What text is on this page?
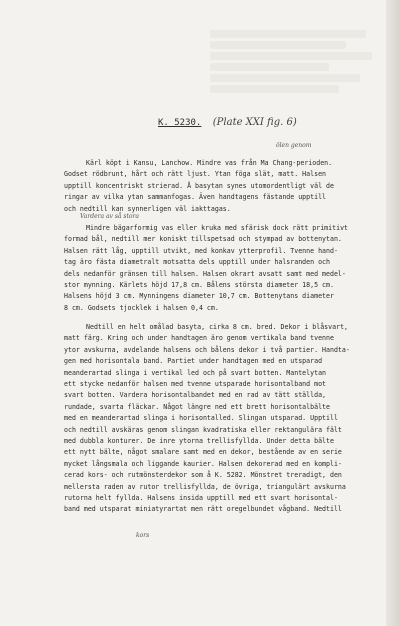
K. 5230. (Plate XXI fig. 6)
ölen genom
Vardera av så stora
kors

Kärl köpt i Kansu, Lanchow. Mindre vas från Ma Chang-perioden.
Godset rödbrunt, hårt och rätt ljust. Ytan föga slät, matt. Halsen
upptill koncentriskt strierad. Å basytan synes utomordentligt väl de
ringar av vilka ytan sammanfogas. Även handtagens fästande upptill
och nedtill kan synnerligen väl iakttagas.

Mindre bägarformig vas eller kruka med sfärisk dock rätt primitivt
formad bål, nedtill mer koniskt tillspetsad och stympad av bottenytan.
Halsen rätt låg, upptill utvikt, med konkav ytterprofil. Tvenne hand-
tag äro fästa diametralt motsatta dels upptill under halsranden och
dels nedanför gränsen till halsen. Halsen okrart avsatt samt med medel-
stor mynning. Kärlets höjd 17,8 cm. Bålens största diameter 18,5 cm.
Halsens höjd 3 cm. Mynningens diameter 10,7 cm. Bottenytans diameter
8 cm. Godsets tjocklek i halsen 0,4 cm.

Nedtill en helt omålad basyta, cirka 8 cm. bred. Dekor i blåsvart,
matt färg. Kring och under handtagen äro genom vertikala band tvenne
ytor avskurna, avdelande halsens och bålens dekor i två partier. Handta-
gen med horisontala band. Partiet under handtagen med en utsparad
meanderartad slinga i vertikal led och på svart botten. Mantelytan
ett stycke nedanför halsen med tvenne utsparade horisontalband mot
svart botten. Vardera horisontalbandet med en rad av tätt ställda,
rundade, svarta fläckar. Något längre ned ett brett horisontalbälte
med en meanderartad slinga i horisontalled. Slingan utsparad. Upptill
och nedtill avskäras genom slingan kvadratiska eller rektangulära fält
med dubbla konturer. De inre ytorna trellisfyllda. Under detta bälte
ett nytt bälte, något smalare samt med en dekor, bestående av en serie
mycket långsmala och liggande kaurier. Halsen dekorerad med en kompli-
cerad kors- och rutmönsterdekor som å K. 5282. Mönstret treradigt, den
mellersta raden av rutor trellisfyllda, de övriga, triangulärt avskurna
rutorna helt fyllda. Halsens insida upptill med ett svart horisontal-
band med utsparat miniatyrartat men rätt oregelbundet vågband. Nedtill
